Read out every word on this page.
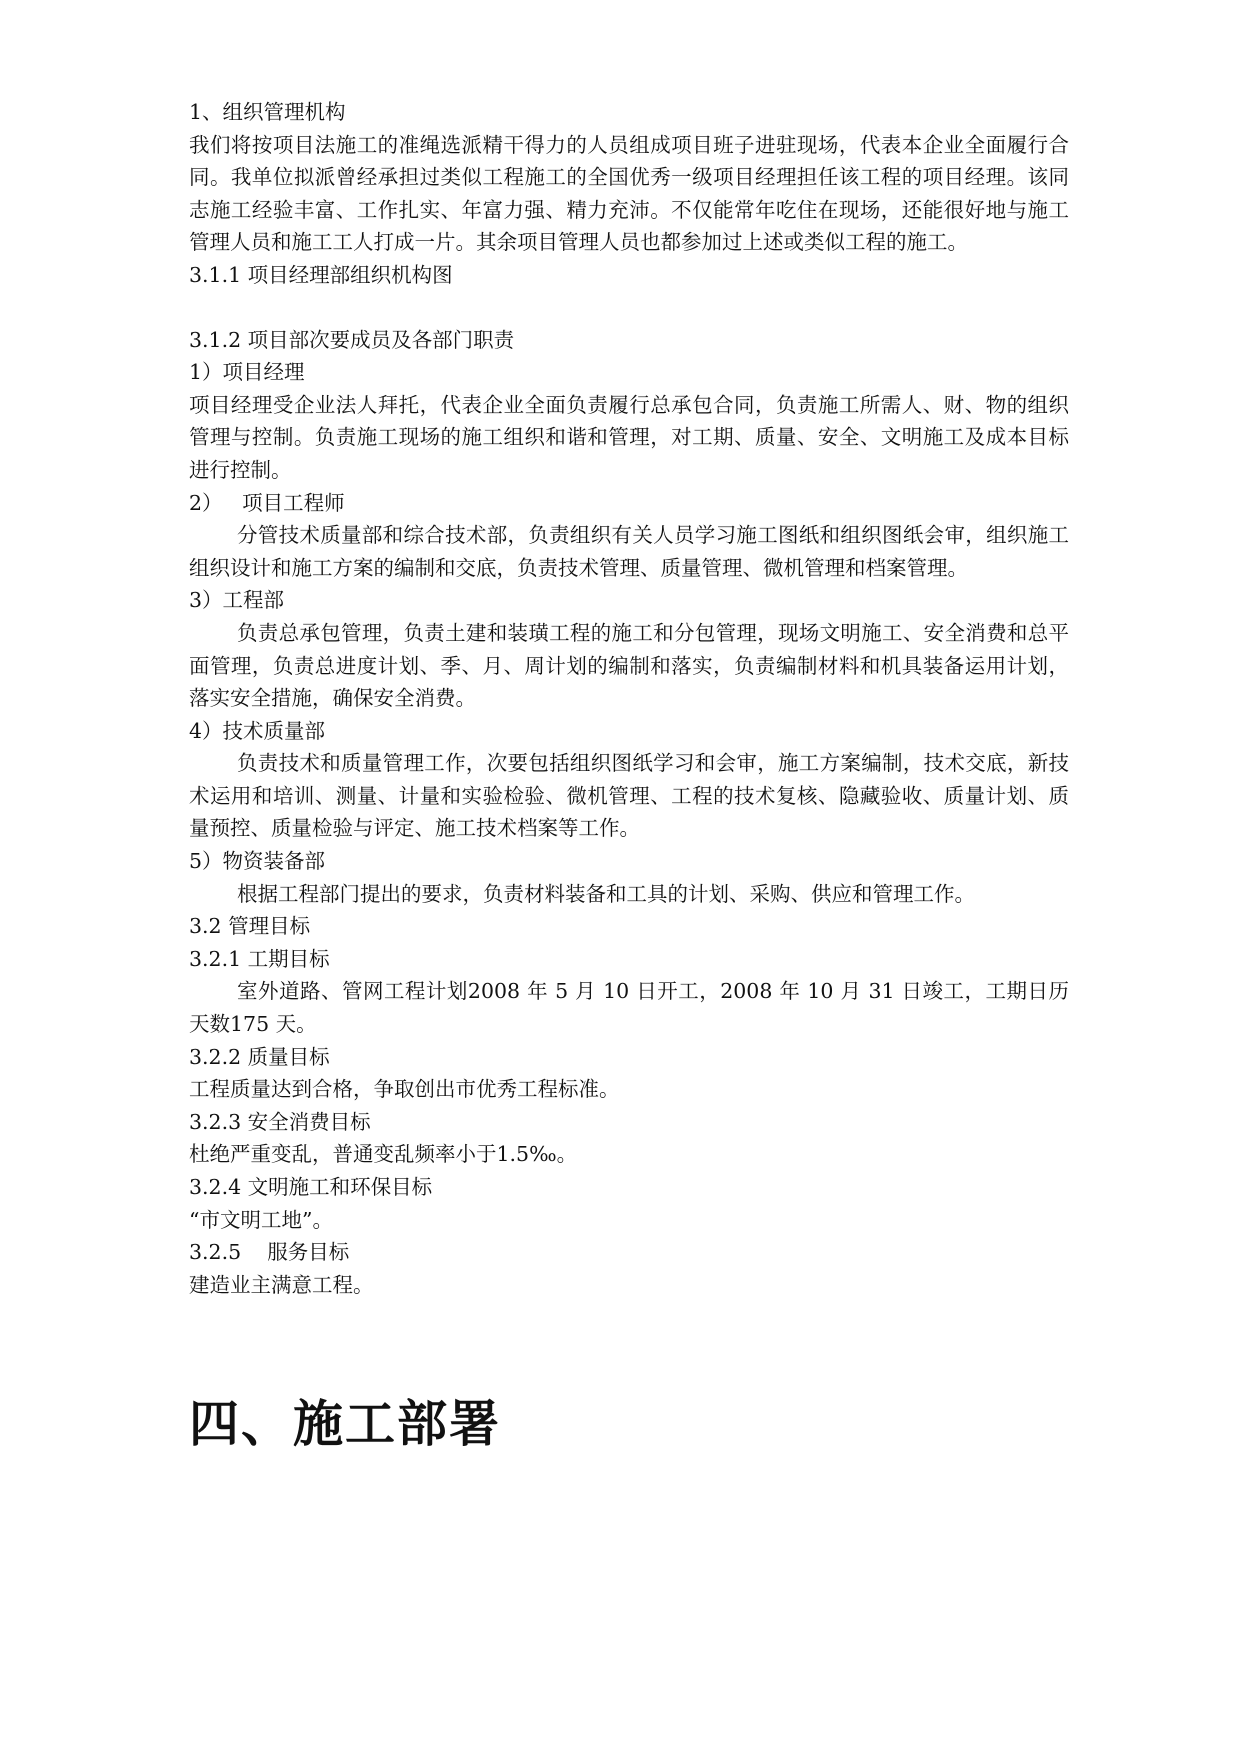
1、组织管理机构
我们将按项目法施工的准绳选派精干得力的人员组成项目班子进驻现场，代表本企业全面履行合同。我单位拟派曾经承担过类似工程施工的全国优秀一级项目经理担任该工程的项目经理。该同志施工经验丰富、工作扎实、年富力强、精力充沛。不仅能常年吃住在现场，还能很好地与施工管理人员和施工工人打成一片。其余项目管理人员也都参加过上述或类似工程的施工。
3.1.1 项目经理部组织机构图
3.1.2 项目部次要成员及各部门职责
1）项目经理
项目经理受企业法人拜托，代表企业全面负责履行总承包合同，负责施工所需人、财、物的组织管理与控制。负责施工现场的施工组织和谐和管理，对工期、质量、安全、文明施工及成本目标进行控制。
2）   项目工程师
分管技术质量部和综合技术部，负责组织有关人员学习施工图纸和组织图纸会审，组织施工组织设计和施工方案的编制和交底，负责技术管理、质量管理、微机管理和档案管理。
3）工程部
负责总承包管理，负责土建和装璜工程的施工和分包管理，现场文明施工、安全消费和总平面管理，负责总进度计划、季、月、周计划的编制和落实，负责编制材料和机具装备运用计划，落实安全措施，确保安全消费。
4）技术质量部
负责技术和质量管理工作，次要包括组织图纸学习和会审，施工方案编制，技术交底，新技术运用和培训、测量、计量和实验检验、微机管理、工程的技术复核、隐藏验收、质量计划、质量预控、质量检验与评定、施工技术档案等工作。
5）物资装备部
根据工程部门提出的要求，负责材料装备和工具的计划、采购、供应和管理工作。
3.2 管理目标
3.2.1 工期目标
室外道路、管网工程计划2008 年 5 月 10 日开工，2008 年 10 月 31 日竣工，工期日历天数175 天。
3.2.2 质量目标
工程质量达到合格，争取创出市优秀工程标准。
3.2.3 安全消费目标
杜绝严重变乱，普通变乱频率小于1.5‰。
3.2.4 文明施工和环保目标
“市文明工地”。
3.2.5    服务目标
建造业主满意工程。
四、施工部署
